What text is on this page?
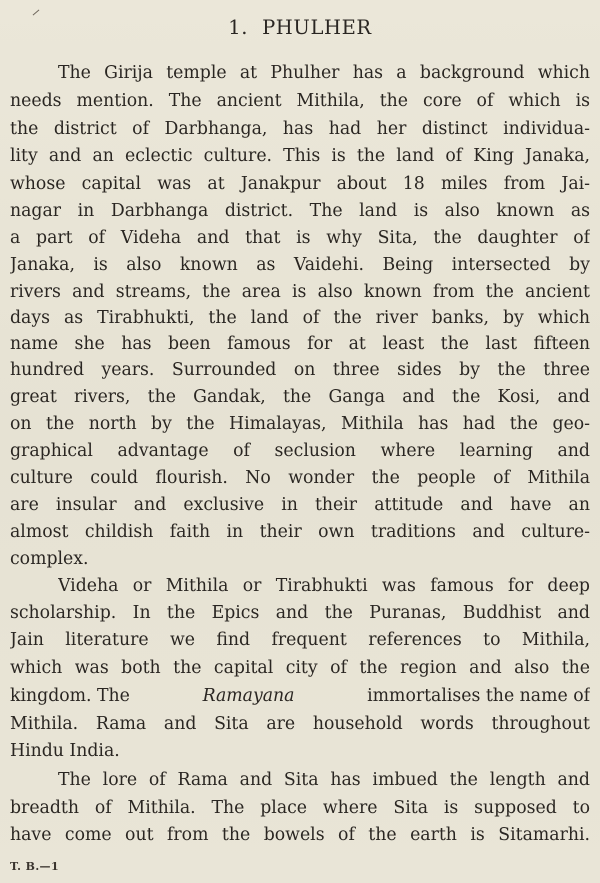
1. PHULHER
The Girija temple at Phulher has a background which
needs mention. The ancient Mithila, the core of which is
the district of Darbhanga, has had her distinct individua-
lity and an eclectic culture. This is the land of King Janaka,
whose capital was at Janakpur about 18 miles from Jai-
nagar in Darbhanga district. The land is also known as
a part of Videha and that is why Sita, the daughter of
Janaka, is also known as Vaidehi. Being intersected by
rivers and streams, the area is also known from the ancient
days as Tirabhukti, the land of the river banks, by which
name she has been famous for at least the last fifteen
hundred years. Surrounded on three sides by the three
great rivers, the Gandak, the Ganga and the Kosi, and
on the north by the Himalayas, Mithila has had the geo-
graphical advantage of seclusion where learning and
culture could flourish. No wonder the people of Mithila
are insular and exclusive in their attitude and have an
almost childish faith in their own traditions and culture-
complex.
Videha or Mithila or Tirabhukti was famous for deep
scholarship. In the Epics and the Puranas, Buddhist and
Jain literature we find frequent references to Mithila,
which was both the capital city of the region and also the
kingdom. The	Ramayana	immortalises the name of
Mithila. Rama and Sita are household words throughout
Hindu India.
The lore of Rama and Sita has imbued the length and
breadth of Mithila. The place where Sita is supposed to
have come out from the bowels of the earth is Sitamarhi.
T. B.—1
